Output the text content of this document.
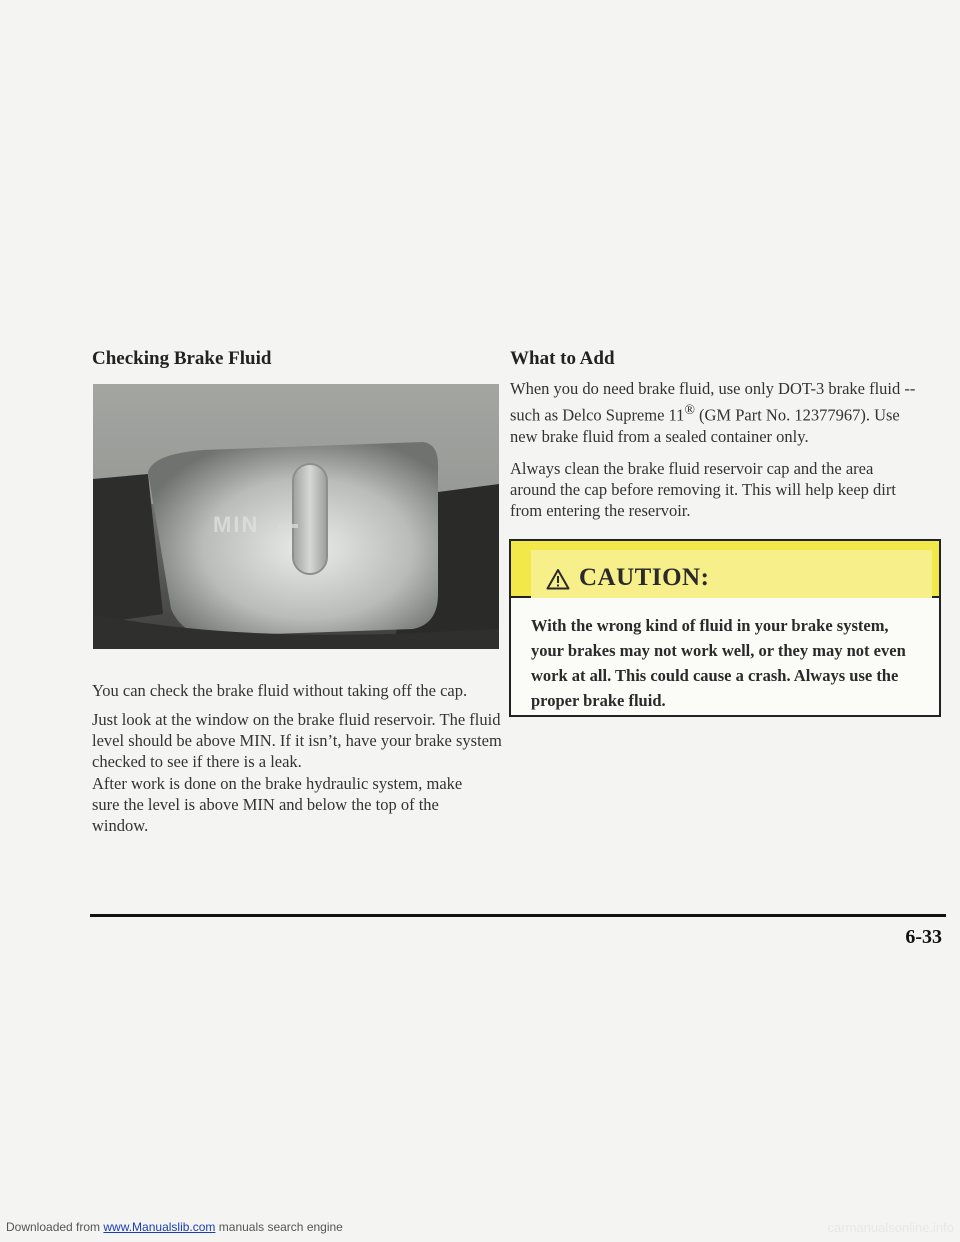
Checking Brake Fluid
MIN

You can check the brake fluid without taking off the cap.

Just look at the window on the brake fluid reservoir. The fluid level should be above MIN. If it isn’t, have your brake system checked to see if there is a leak.

After work is done on the brake hydraulic system, make sure the level is above MIN and below the top of the window.

What to Add

When you do need brake fluid, use only DOT-3 brake fluid -- such as Delco Supreme 11® (GM Part No. 12377967). Use new brake fluid from a sealed container only.

Always clean the brake fluid reservoir cap and the area around the cap before removing it. This will help keep dirt from entering the reservoir.

CAUTION:

With the wrong kind of fluid in your brake system, your brakes may not work well, or they may not even work at all. This could cause a crash. Always use the proper brake fluid.

6-33
Downloaded from www.Manualslib.com manuals search engine	carmanualsonline.info
